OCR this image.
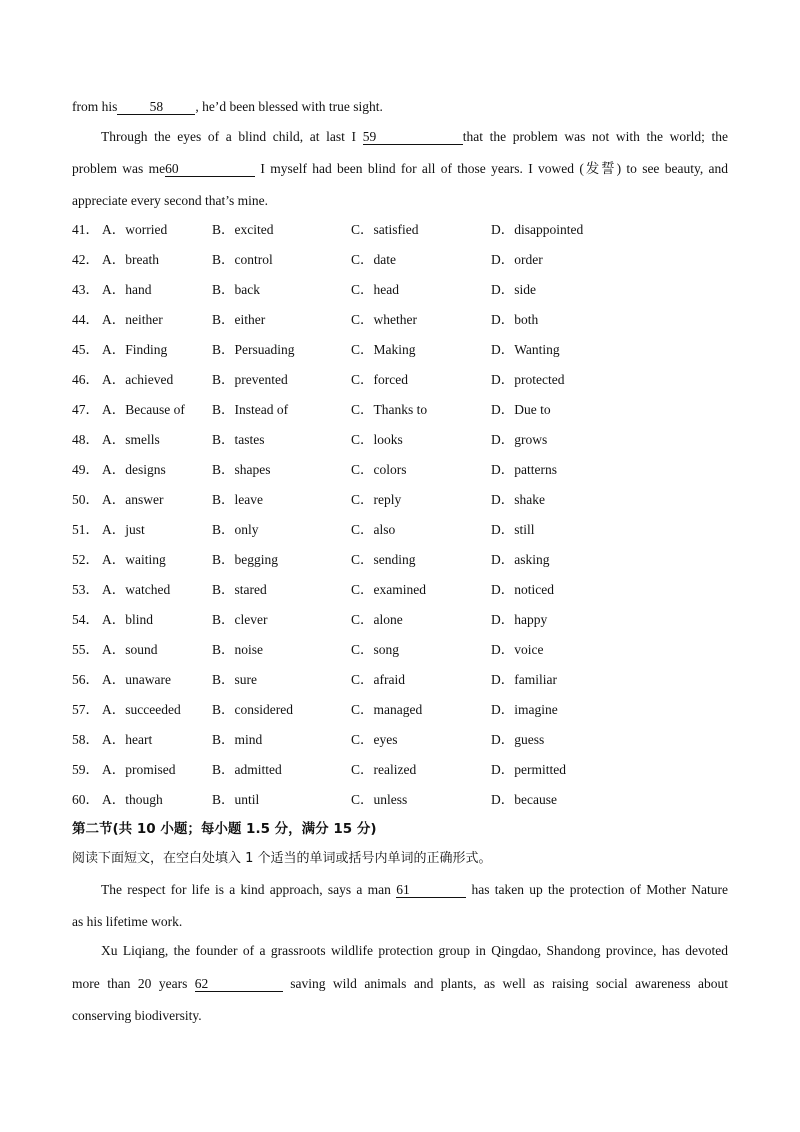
from his 58 , he’d been blessed with true sight.
Through the eyes of a blind child, at last I 59	that the problem was not with the world; the
problem was me60	I myself had been blind for all of those years. I vowed (发誓) to see beauty, and
appreciate every second that’s mine.
41． A．worried	B．excited	C．satisfied	D．disappointed
42． A．breath	B．control	C．date	D．order
43． A．hand	B．back	C．head	D．side
44． A．neither	B．either	C．whether	D．both
45． A．Finding	B．Persuading	C．Making	D．Wanting
46． A．achieved	B．prevented	C．forced	D．protected
47． A．Because of B．Instead of	C．Thanks to	D．Due to
48． A．smells	B．tastes	C．looks	D．grows
49． A．designs	B．shapes	C．colors	D．patterns
50． A．answer	B．leave	C．reply	D．shake
51． A．just	B．only	C．also	D．still
52． A．waiting	B．begging	C．sending	D．asking
53． A．watched	B．stared	C．examined	D．noticed
54． A．blind	B．clever	C．alone	D．happy
55． A．sound	B．noise	C．song	D．voice
56． A．unaware	B．sure	C．afraid	D．familiar
57． A．succeeded B．considered	C．managed	D．imagine
58． A．heart	B．mind	C．eyes	D．guess
59． A．promised	B．admitted	C．realized	D．permitted
60． A．though	B．until	C．unless	D．because
第二节(共 10 小题；每小题 1.5 分，满分 15 分)
阅读下面短文，在空白处填入 1 个适当的单词或括号内单词的正确形式。
The respect for life is a kind approach, says a man 61	has taken up the protection of Mother Nature
as his lifetime work.
Xu Liqiang, the founder of a grassroots wildlife protection group in Qingdao, Shandong province, has devoted
more than 20 years 62	saving wild animals and plants, as well as raising social awareness about
conserving biodiversity.
